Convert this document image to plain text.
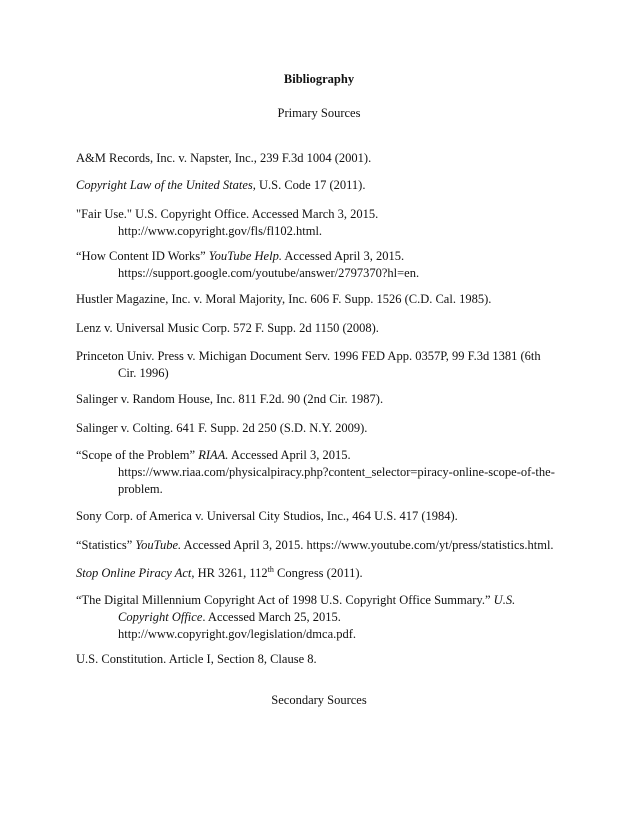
Bibliography
Primary Sources
A&M Records, Inc. v. Napster, Inc., 239 F.3d 1004 (2001).
Copyright Law of the United States, U.S. Code 17 (2011).
"Fair Use." U.S. Copyright Office. Accessed March 3, 2015.
http://www.copyright.gov/fls/fl102.html.
“How Content ID Works” YouTube Help. Accessed April 3, 2015.
https://support.google.com/youtube/answer/2797370?hl=en.
Hustler Magazine, Inc. v. Moral Majority, Inc. 606 F. Supp. 1526 (C.D. Cal. 1985).
Lenz v. Universal Music Corp. 572 F. Supp. 2d 1150 (2008).
Princeton Univ. Press v. Michigan Document Serv. 1996 FED App. 0357P, 99 F.3d 1381 (6th
Cir. 1996)
Salinger v. Random House, Inc. 811 F.2d. 90 (2nd Cir. 1987).
Salinger v. Colting. 641 F. Supp. 2d 250 (S.D. N.Y. 2009).
“Scope of the Problem” RIAA. Accessed April 3, 2015.
https://www.riaa.com/physicalpiracy.php?content_selector=piracy-online-scope-of-the-
problem.
Sony Corp. of America v. Universal City Studios, Inc., 464 U.S. 417 (1984).
“Statistics” YouTube. Accessed April 3, 2015. https://www.youtube.com/yt/press/statistics.html.
Stop Online Piracy Act, HR 3261, 112th Congress (2011).
“The Digital Millennium Copyright Act of 1998 U.S. Copyright Office Summary.” U.S.
Copyright Office. Accessed March 25, 2015.
http://www.copyright.gov/legislation/dmca.pdf.
U.S. Constitution. Article I, Section 8, Clause 8.
Secondary Sources
